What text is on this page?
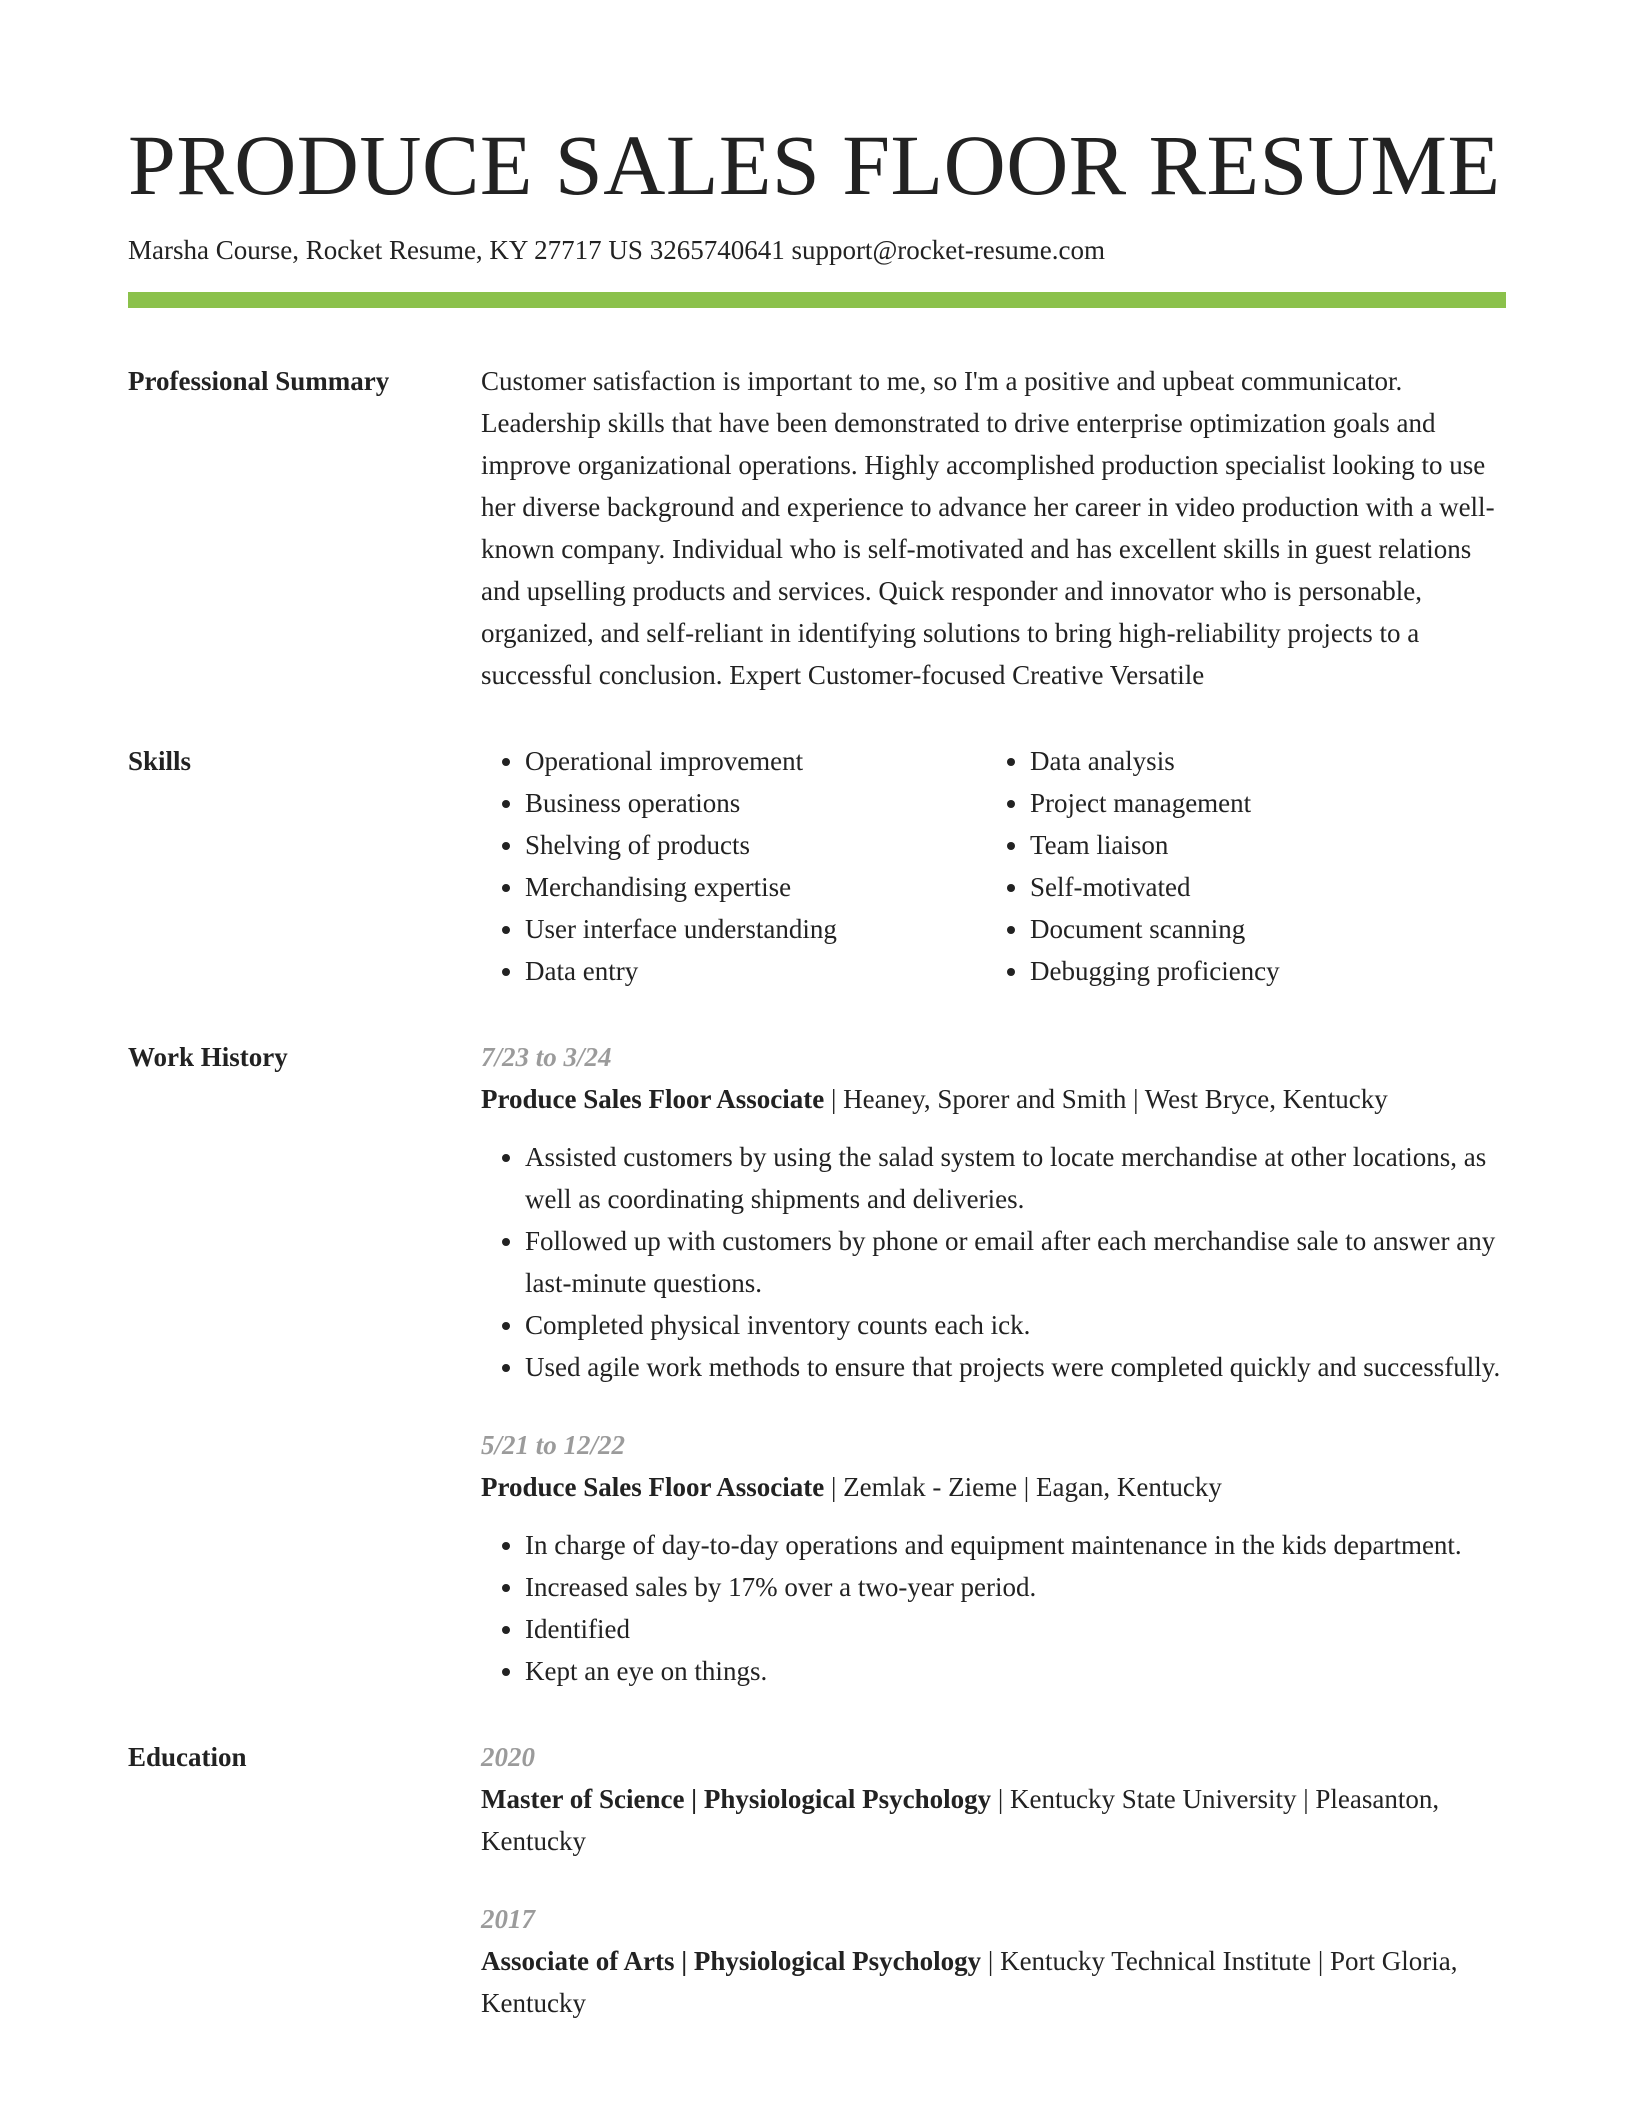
PRODUCE SALES FLOOR RESUME
Marsha Course, Rocket Resume, KY 27717 US 3265740641 support@rocket-resume.com
Professional Summary	Customer satisfaction is important to me, so I'm a positive and upbeat communicator. Leadership skills that have been demonstrated to drive enterprise optimization goals and improve organizational operations. Highly accomplished production specialist looking to use her diverse background and experience to advance her career in video production with a well-known company. Individual who is self-motivated and has excellent skills in guest relations and upselling products and services. Quick responder and innovator who is personable, organized, and self-reliant in identifying solutions to bring high-reliability projects to a successful conclusion. Expert Customer-focused Creative Versatile

Skills
•	Operational improvement
• Business operations
• Shelving of products
• Merchandising expertise
• User interface understanding
• Data entry
• Data analysis
• Project management
• Team liaison
• Self-motivated
• Document scanning
• Debugging proficiency
Work History	7/23 to 3/24
Produce Sales Floor Associate | Heaney, Sporer and Smith | West Bryce, Kentucky
• Assisted customers by using the salad system to locate merchandise at other locations, as well as coordinating shipments and deliveries.
• Followed up with customers by phone or email after each merchandise sale to answer any last-minute questions.
• Completed physical inventory counts each ick.
• Used agile work methods to ensure that projects were completed quickly and successfully.
5/21 to 12/22
Produce Sales Floor Associate | Zemlak - Zieme | Eagan, Kentucky
• In charge of day-to-day operations and equipment maintenance in the kids department.
• Increased sales by 17% over a two-year period.
• Identified
• Kept an eye on things.
Education	2020
Master of Science | Physiological Psychology | Kentucky State University | Pleasanton, Kentucky
2017
Associate of Arts | Physiological Psychology | Kentucky Technical Institute | Port Gloria, Kentucky
